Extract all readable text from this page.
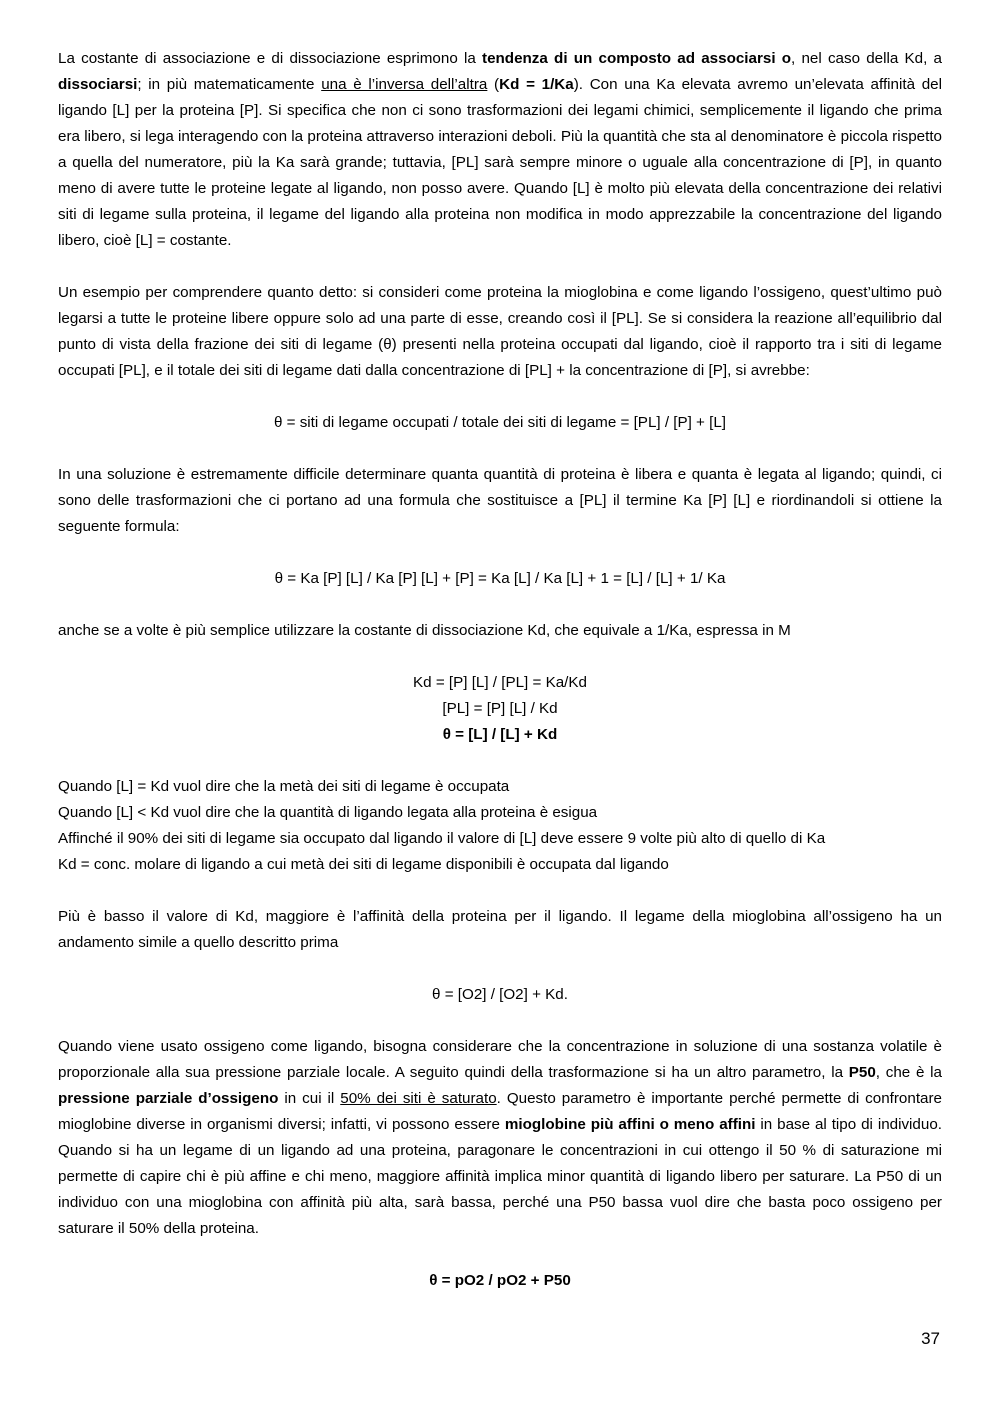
La costante di associazione e di dissociazione esprimono la tendenza di un composto ad associarsi o, nel caso della Kd, a dissociarsi; in più matematicamente una è l’inversa dell’altra (Kd = 1/Ka). Con una Ka elevata avremo un’elevata affinità del ligando [L] per la proteina [P]. Si specifica che non ci sono trasformazioni dei legami chimici, semplicemente il ligando che prima era libero, si lega interagendo con la proteina attraverso interazioni deboli. Più la quantità che sta al denominatore è piccola rispetto a quella del numeratore, più la Ka sarà grande; tuttavia, [PL] sarà sempre minore o uguale alla concentrazione di [P], in quanto meno di avere tutte le proteine legate al ligando, non posso avere. Quando [L] è molto più elevata della concentrazione dei relativi siti di legame sulla proteina, il legame del ligando alla proteina non modifica in modo apprezzabile la concentrazione del ligando libero, cioè [L] = costante.

Un esempio per comprendere quanto detto: si consideri come proteina la mioglobina e come ligando l’ossigeno, quest’ultimo può legarsi a tutte le proteine libere oppure solo ad una parte di esse, creando così il [PL]. Se si considera la reazione all’equilibrio dal punto di vista della frazione dei siti di legame (θ) presenti nella proteina occupati dal ligando, cioè il rapporto tra i siti di legame occupati [PL], e il totale dei siti di legame dati dalla concentrazione di [PL] + la concentrazione di [P], si avrebbe:

θ = siti di legame occupati / totale dei siti di legame = [PL] / [P] + [L]

In una soluzione è estremamente difficile determinare quanta quantità di proteina è libera e quanta è legata al ligando; quindi, ci sono delle trasformazioni che ci portano ad una formula che sostituisce a [PL] il termine Ka [P] [L] e riordinandoli si ottiene la seguente formula:

θ = Ka [P] [L] / Ka [P] [L] + [P] = Ka [L] / Ka [L] + 1 = [L] / [L] + 1/ Ka

anche se a volte è più semplice utilizzare la costante di dissociazione Kd, che equivale a 1/Ka, espressa in M

Kd = [P] [L] / [PL] = Ka/Kd
[PL] = [P] [L] / Kd
θ = [L] / [L] + Kd
Quando [L] = Kd vuol dire che la metà dei siti di legame è occupata
Quando [L] < Kd vuol dire che la quantità di ligando legata alla proteina è esigua
Affinché il 90% dei siti di legame sia occupato dal ligando il valore di [L] deve essere 9 volte più alto di quello di Ka
Kd = conc. molare di ligando a cui metà dei siti di legame disponibili è occupata dal ligando

Più è basso il valore di Kd, maggiore è l’affinità della proteina per il ligando. Il legame della mioglobina all’ossigeno ha un andamento simile a quello descritto prima

θ = [O2] / [O2] + Kd.

Quando viene usato ossigeno come ligando, bisogna considerare che la concentrazione in soluzione di una sostanza volatile è proporzionale alla sua pressione parziale locale. A seguito quindi della trasformazione si ha un altro parametro, la P50, che è la pressione parziale d’ossigeno in cui il 50% dei siti è saturato. Questo parametro è importante perché permette di confrontare mioglobine diverse in organismi diversi; infatti, vi possono essere mioglobine più affini o meno affini in base al tipo di individuo. Quando si ha un legame di un ligando ad una proteina, paragonare le concentrazioni in cui ottengo il 50 % di saturazione mi permette di capire chi è più affine e chi meno, maggiore affinità implica minor quantità di ligando libero per saturare. La P50 di un individuo con una mioglobina con affinità più alta, sarà bassa, perché una P50 bassa vuol dire che basta poco ossigeno per saturare il 50% della proteina.

θ = pO2 / pO2 + P50
37
